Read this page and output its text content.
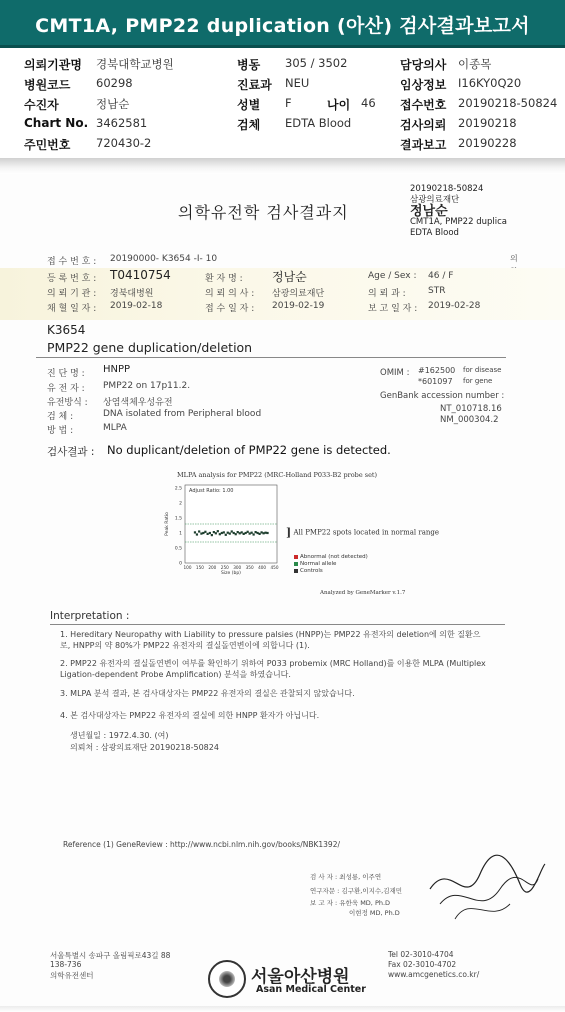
CMT1A, PMP22 duplication (아산) 검사결과보고서
의뢰기관명 경북대학교병원	병동 305 / 3502	담당의사 이종목
병원코드 60298	진료과 NEU	임상정보 I16KY0Q20
수진자	정남순	성별 F	나이 46 접수번호 20190218-50824
Chart No. 3462581	검체 EDTA Blood	검사의뢰 20190218
주민번호 720430-2	결과보고 20190228
의학유전학 검사결과지
20190218-50824
삼광의료재단
정남순
CMT1A, PMP22 duplica
EDTA Blood
의
접 수 번 호 : 20190000- K3654 -I- 10
등 록 번 호 : T0410754	환 자 명 : 정남순	Age / Sex : 46 / F
의 뢰 기 관 : 경북대병원	의 뢰 의 사 : 삼광의료재단	의 뢰 과 : STR
채 혈 일 자 : 2019-02-18	접 수 일 자 : 2019-02-19	보 고 일 자 : 2019-02-28
K3654
PMP22 gene duplication/deletion
진 단 명 : HNPP
유 전 자 : PMP22 on 17p11.2.
유전방식 : 상염색체우성유전
검 체 :	DNA isolated from Peripheral blood
방 법 :	MLPA
OMIM : #162500 for disease
*601097 for gene
GenBank accession number :
NT_010718.16
NM_000304.2
검사결과 : No duplicant/deletion of PMP22 gene is detected.
MLPA analysis for PMP22 (MRC-Holland P033-B2 probe set)
Adjust Ratio: 1.00
0
0.5
1
1.5
2
2.5
100 150 200 250 300 350 400 450
Size (bp)
Peak Ratio	] All PMP22 spots located in normal range
Abnormal (not detected)
Normal allele
Controls
Analyzed by GeneMarker v.1.7
Interpretation :
1. Hereditary Neuropathy with Liability to pressure palsies (HNPP)는 PMP22 유전자의 deletion에 의한 질환으로, HNPP의 약 80%가 PMP22 유전자의 결실돌연변이에 의합니다 (1).
2. PMP22 유전자의 결실돌연변이 여부를 확인하기 위하여 P033 probemix (MRC Holland)를 이용한 MLPA (Multiplex Ligation-dependent Probe Amplification) 분석을 하였습니다.
3. MLPA 분석 결과, 본 검사대상자는 PMP22 유전자의 결실은 관찰되지 않았습니다.
4. 본 검사대상자는 PMP22 유전자의 결실에 의한 HNPP 환자가 아닙니다.
생년월일 : 1972.4.30. (여)
의뢰처 : 삼광의료재단 20190218-50824
Reference (1) GeneReview : http://www.ncbi.nlm.nih.gov/books/NBK1392/
검 사 자 : 최성룡, 이주연
연구자문 : 김구환,이지수,김재민
보 고 자 : 유한욱 MD, Ph.D
이현정 MD, Ph.D
서울특별시 송파구 올림픽로43길 88
138-736
의학유전센터	서울아산병원
Asan Medical Center
Tel 02-3010-4704
Fax 02-3010-4702
www.amcgenetics.co.kr/
